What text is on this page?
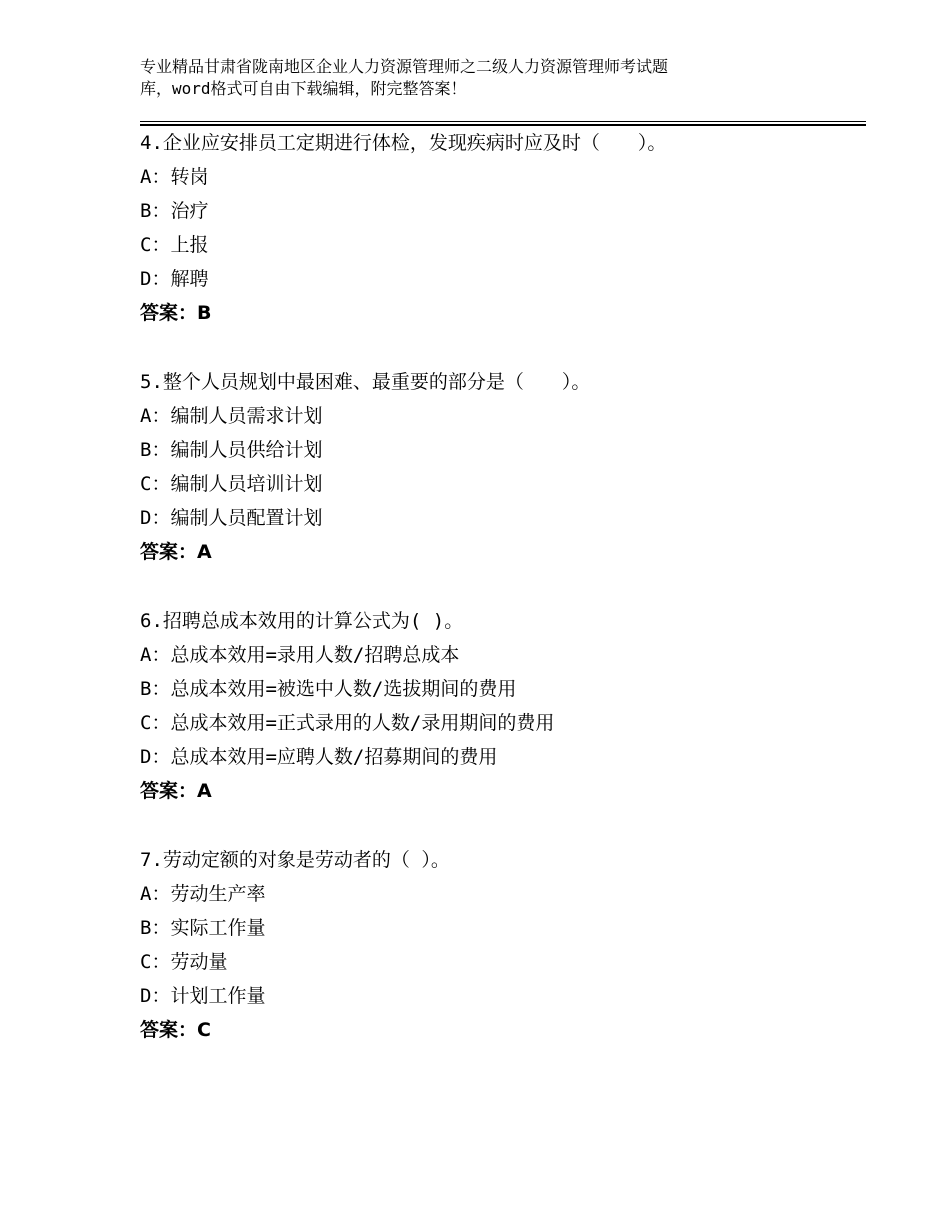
专业精品甘肃省陇南地区企业人力资源管理师之二级人力资源管理师考试题
库，word格式可自由下载编辑，附完整答案！
4.企业应安排员工定期进行体检，发现疾病时应及时（　　）。
A：转岗
B：治疗
C：上报
D：解聘
答案：B
5.整个人员规划中最困难、最重要的部分是（　　）。
A：编制人员需求计划
B：编制人员供给计划
C：编制人员培训计划
D：编制人员配置计划
答案：A
6.招聘总成本效用的计算公式为( )。
A：总成本效用=录用人数/招聘总成本
B：总成本效用=被选中人数/选拔期间的费用
C：总成本效用=正式录用的人数/录用期间的费用
D：总成本效用=应聘人数/招募期间的费用
答案：A
7.劳动定额的对象是劳动者的（ ）。
A：劳动生产率
B：实际工作量
C：劳动量
D：计划工作量
答案：C
